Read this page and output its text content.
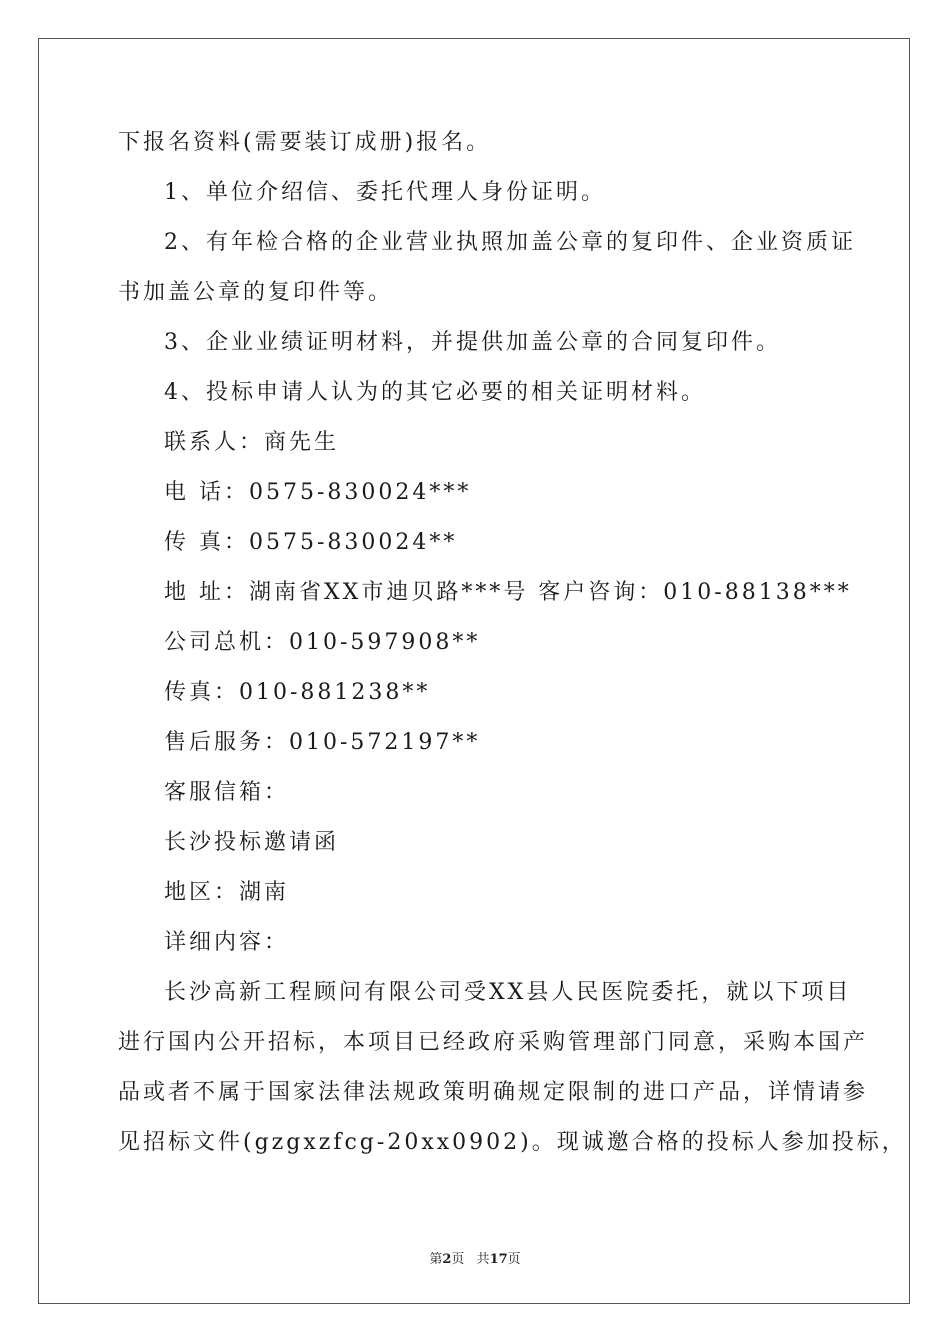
下报名资料(需要装订成册)报名。
1、单位介绍信、委托代理人身份证明。
2、有年检合格的企业营业执照加盖公章的复印件、企业资质证
书加盖公章的复印件等。
3、企业业绩证明材料，并提供加盖公章的合同复印件。
4、投标申请人认为的其它必要的相关证明材料。
联系人：商先生
电 话：0575-830024***
传 真：0575-830024**
地 址：湖南省XX市迪贝路***号 客户咨询：010-88138***
公司总机：010-597908**
传真：010-881238**
售后服务：010-572197**
客服信箱：
长沙投标邀请函
地区：湖南
详细内容：
长沙高新工程顾问有限公司受XX县人民医院委托，就以下项目
进行国内公开招标，本项目已经政府采购管理部门同意，采购本国产
品或者不属于国家法律法规政策明确规定限制的进口产品，详情请参
见招标文件(gzgxzfcg-20xx0902)。现诚邀合格的投标人参加投标，
第2页 共17页
